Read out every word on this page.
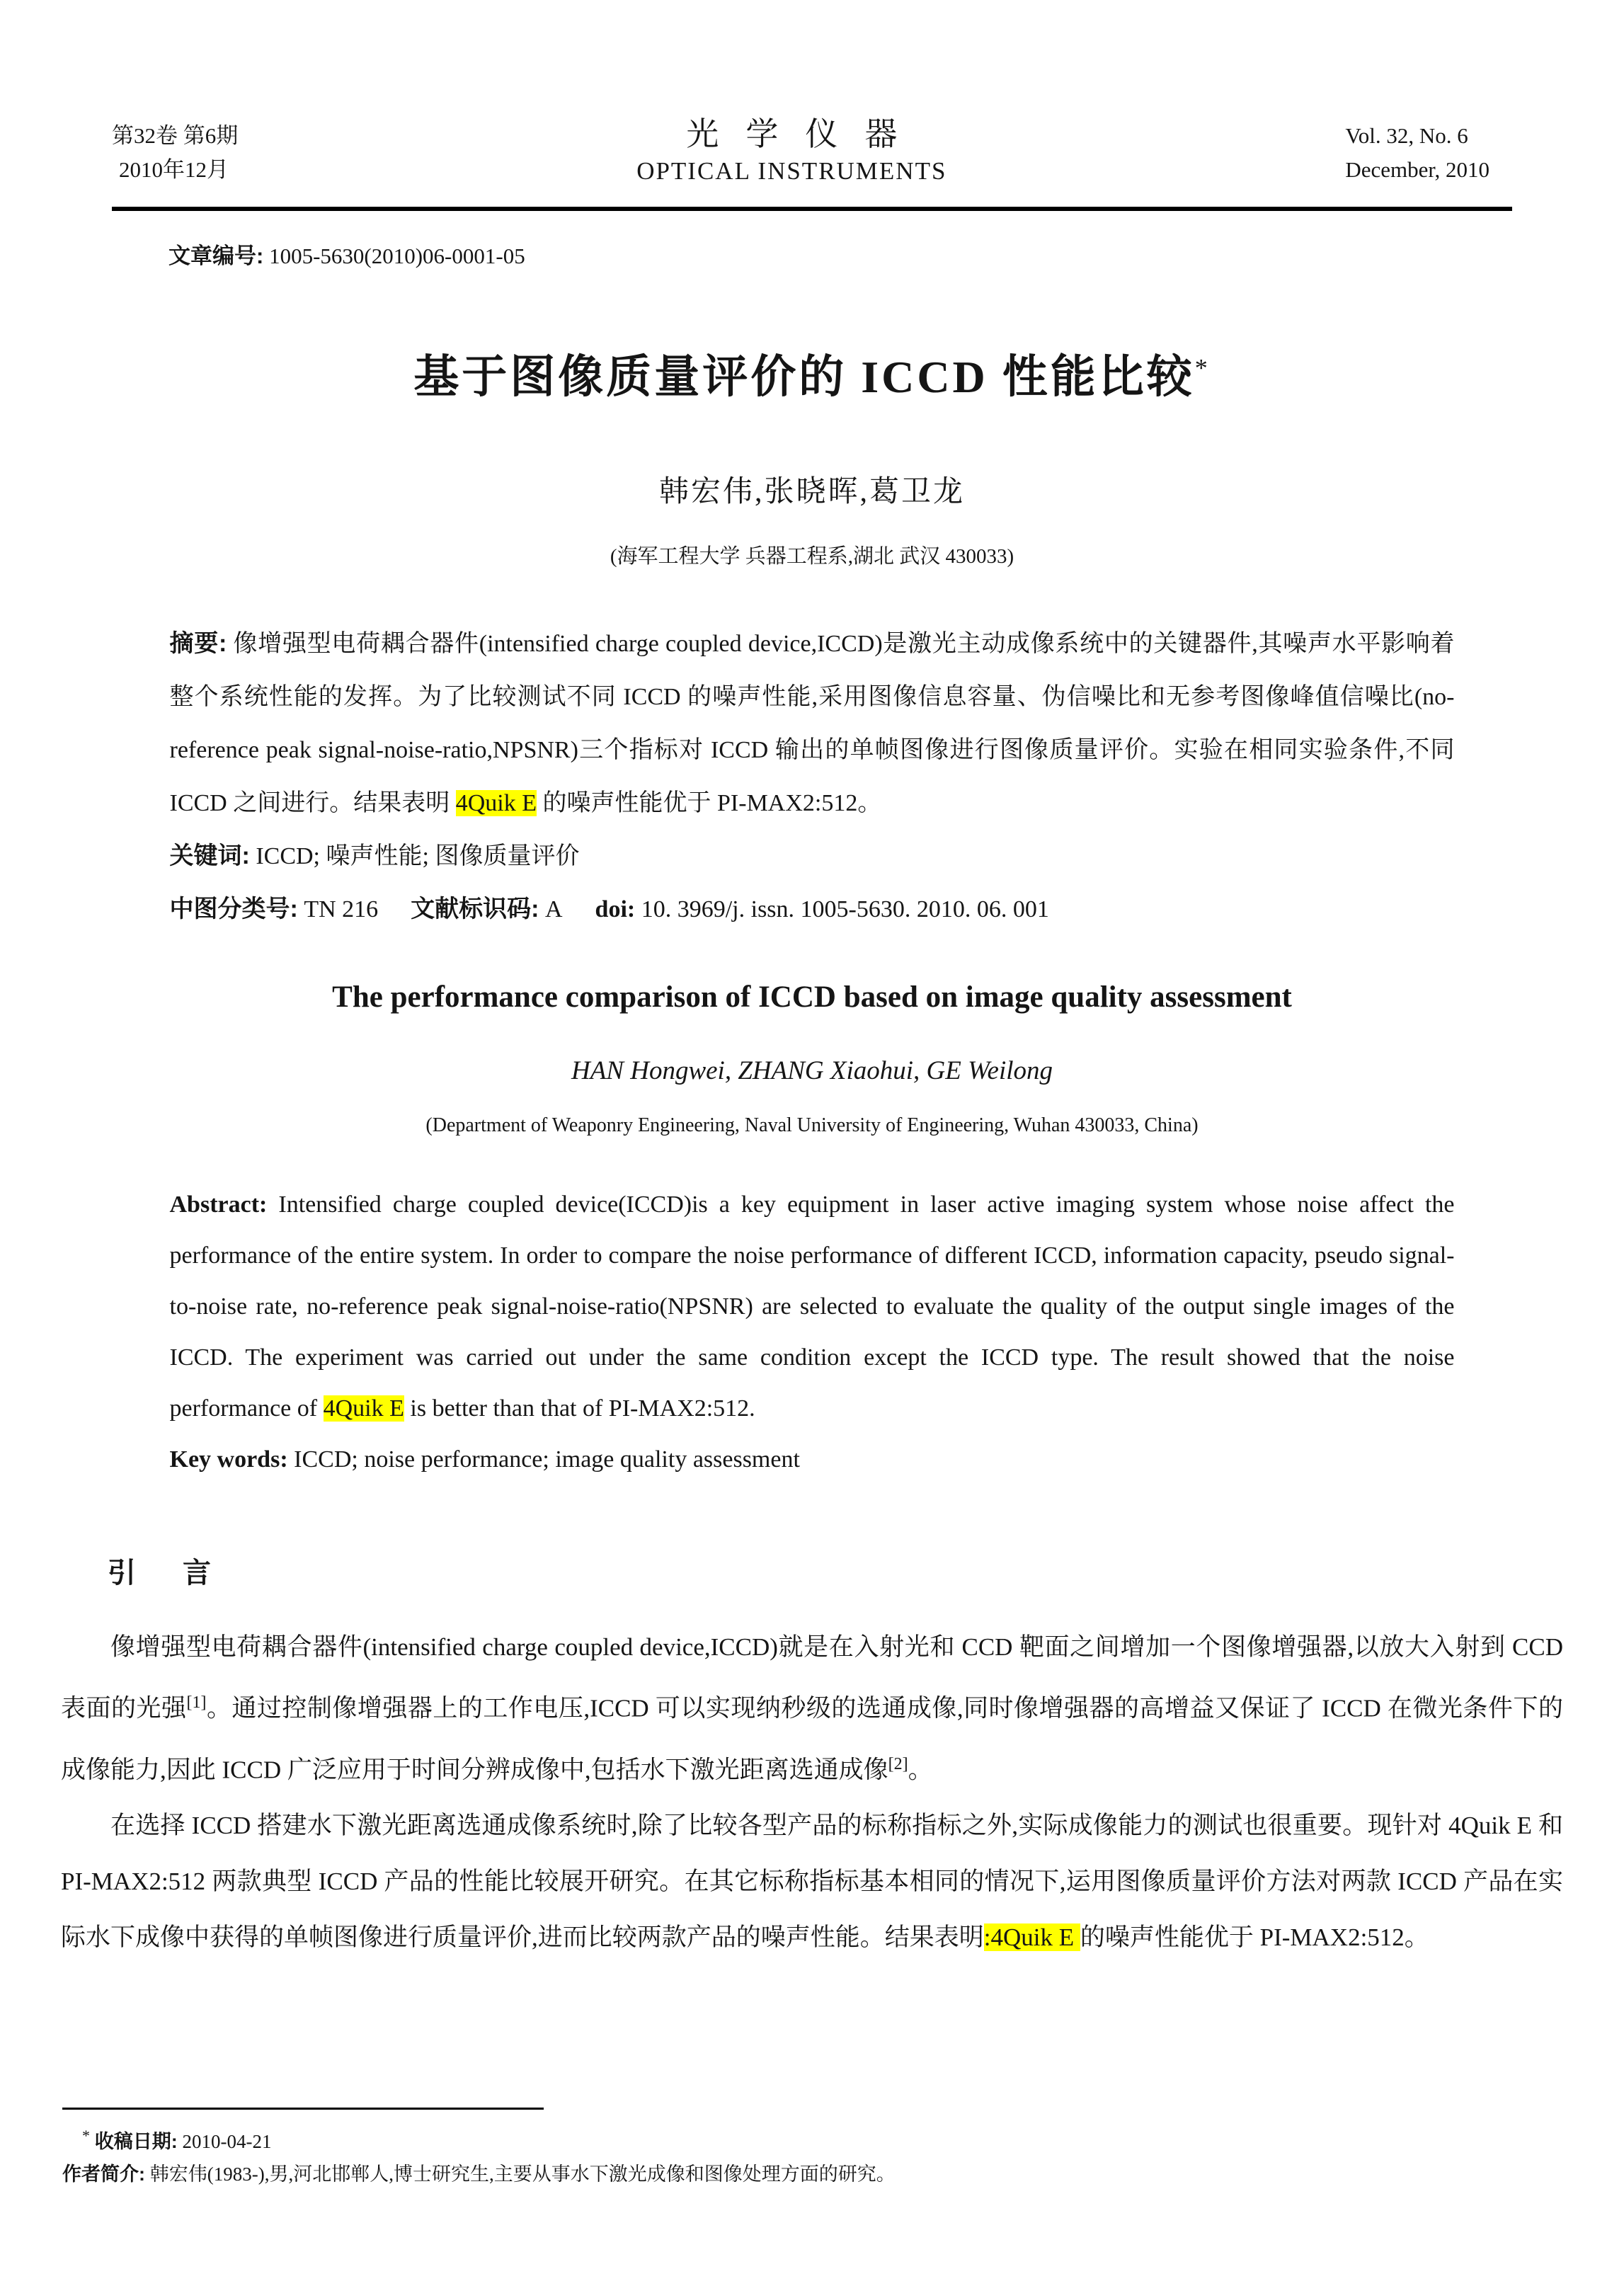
第32卷 第6期
2010年12月
光学仪器
OPTICAL INSTRUMENTS
Vol. 32, No. 6
December, 2010
文章编号: 1005-5630(2010)06-0001-05
基于图像质量评价的 ICCD 性能比较*
韩宏伟,张晓晖,葛卫龙
(海军工程大学 兵器工程系,湖北 武汉 430033)
摘要: 像增强型电荷耦合器件(intensified charge coupled device,ICCD)是激光主动成像系统中的关键器件,其噪声水平影响着整个系统性能的发挥。为了比较测试不同 ICCD 的噪声性能,采用图像信息容量、伪信噪比和无参考图像峰值信噪比(no-reference peak signal-noise-ratio,NPSNR)三个指标对 ICCD 输出的单帧图像进行图像质量评价。实验在相同实验条件,不同 ICCD 之间进行。结果表明 4Quik E 的噪声性能优于 PI-MAX2:512。
关键词: ICCD; 噪声性能; 图像质量评价
中图分类号: TN 216 文献标识码: A doi: 10. 3969/j. issn. 1005-5630. 2010. 06. 001
The performance comparison of ICCD based on image quality assessment
HAN Hongwei, ZHANG Xiaohui, GE Weilong
(Department of Weaponry Engineering, Naval University of Engineering, Wuhan 430033, China)
Abstract: Intensified charge coupled device(ICCD)is a key equipment in laser active imaging system whose noise affect the performance of the entire system. In order to compare the noise performance of different ICCD, information capacity, pseudo signal-to-noise rate, no-reference peak signal-noise-ratio(NPSNR) are selected to evaluate the quality of the output single images of the ICCD. The experiment was carried out under the same condition except the ICCD type. The result showed that the noise performance of 4Quik E is better than that of PI-MAX2:512.
Key words: ICCD; noise performance; image quality assessment
引 言

像增强型电荷耦合器件(intensified charge coupled device,ICCD)就是在入射光和 CCD 靶面之间增加一个图像增强器,以放大入射到 CCD 表面的光强[1]。通过控制像增强器上的工作电压,ICCD 可以实现纳秒级的选通成像,同时像增强器的高增益又保证了 ICCD 在微光条件下的成像能力,因此 ICCD 广泛应用于时间分辨成像中,包括水下激光距离选通成像[2]。

在选择 ICCD 搭建水下激光距离选通成像系统时,除了比较各型产品的标称指标之外,实际成像能力的测试也很重要。现针对 4Quik E 和 PI-MAX2:512 两款典型 ICCD 产品的性能比较展开研究。在其它标称指标基本相同的情况下,运用图像质量评价方法对两款 ICCD 产品在实际水下成像中获得的单帧图像进行质量评价,进而比较两款产品的噪声性能。结果表明:4Quik E 的噪声性能优于 PI-MAX2:512。

* 收稿日期: 2010-04-21
作者简介: 韩宏伟(1983-),男,河北邯郸人,博士研究生,主要从事水下激光成像和图像处理方面的研究。
